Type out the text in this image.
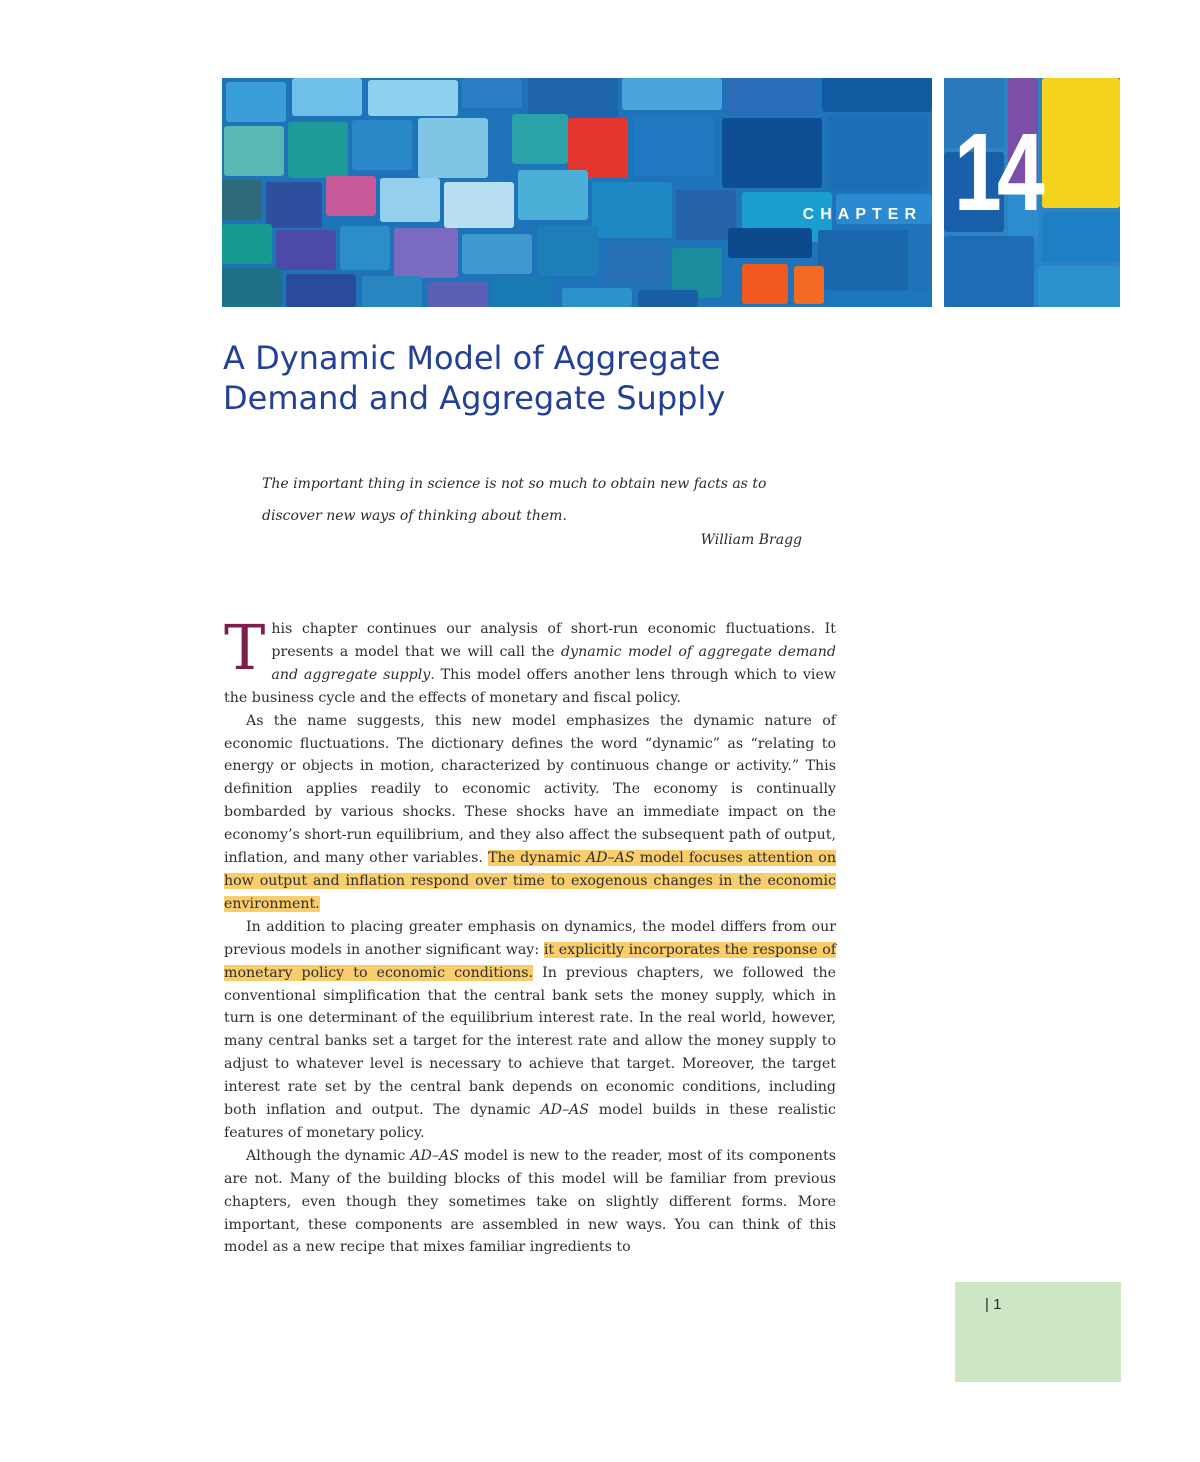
CHAPTER 14
A Dynamic Model of Aggregate
Demand and Aggregate Supply
The important thing in science is not so much to obtain new facts as to discover new ways of thinking about them.
William Bragg

This chapter continues our analysis of short-run economic fluctuations. It presents a model that we will call the dynamic model of aggregate demand and aggregate supply. This model offers another lens through which to view the business cycle and the effects of monetary and fiscal policy.

As the name suggests, this new model emphasizes the dynamic nature of economic fluctuations. The dictionary defines the word “dynamic” as “relating to energy or objects in motion, characterized by continuous change or activity.” This definition applies readily to economic activity. The economy is continually bombarded by various shocks. These shocks have an immediate impact on the economy’s short-run equilibrium, and they also affect the subsequent path of output, inflation, and many other variables. The dynamic AD–AS model focuses attention on how output and inflation respond over time to exogenous changes in the economic environment.

In addition to placing greater emphasis on dynamics, the model differs from our previous models in another significant way: it explicitly incorporates the response of monetary policy to economic conditions. In previous chapters, we followed the conventional simplification that the central bank sets the money supply, which in turn is one determinant of the equilibrium interest rate. In the real world, however, many central banks set a target for the interest rate and allow the money supply to adjust to whatever level is necessary to achieve that target. Moreover, the target interest rate set by the central bank depends on economic conditions, including both inflation and output. The dynamic AD–AS model builds in these realistic features of monetary policy.

Although the dynamic AD–AS model is new to the reader, most of its components are not. Many of the building blocks of this model will be familiar from previous chapters, even though they sometimes take on slightly different forms. More important, these components are assembled in new ways. You can think of this model as a new recipe that mixes familiar ingredients to

| 1
